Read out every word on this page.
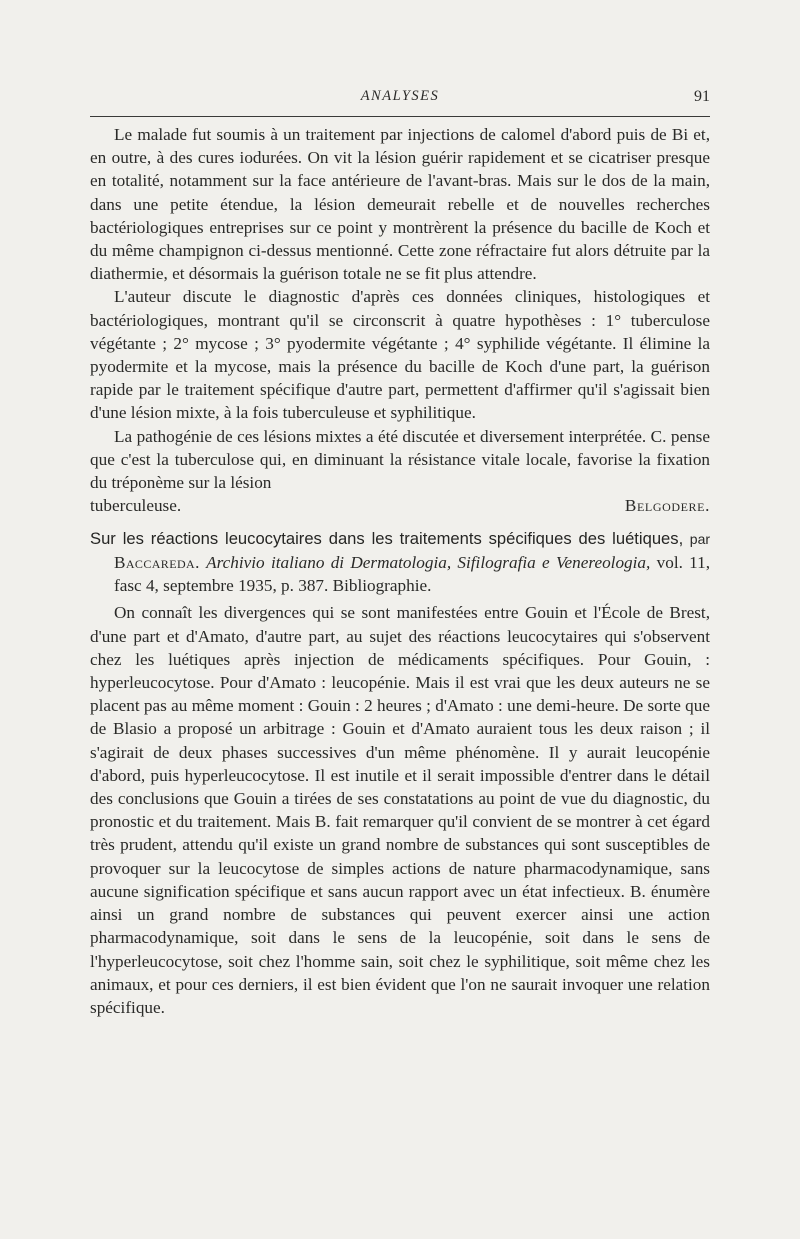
ANALYSES	91

Le malade fut soumis à un traitement par injections de calomel d'abord puis de Bi et, en outre, à des cures iodurées. On vit la lésion guérir rapidement et se cicatriser presque en totalité, notamment sur la face antérieure de l'avant-bras. Mais sur le dos de la main, dans une petite étendue, la lésion demeurait rebelle et de nouvelles recherches bactériologiques entreprises sur ce point y montrèrent la présence du bacille de Koch et du même champignon ci-dessus mentionné. Cette zone réfractaire fut alors détruite par la diathermie, et désormais la guérison totale ne se fit plus attendre.

L'auteur discute le diagnostic d'après ces données cliniques, histologiques et bactériologiques, montrant qu'il se circonscrit à quatre hypothèses : 1° tuberculose végétante ; 2° mycose ; 3° pyodermite végétante ; 4° syphilide végétante. Il élimine la pyodermite et la mycose, mais la présence du bacille de Koch d'une part, la guérison rapide par le traitement spécifique d'autre part, permettent d'affirmer qu'il s'agissait bien d'une lésion mixte, à la fois tuberculeuse et syphilitique.

La pathogénie de ces lésions mixtes a été discutée et diversement interprétée. C. pense que c'est la tuberculose qui, en diminuant la résistance vitale locale, favorise la fixation du tréponème sur la lésion

tuberculeuse.	Belgodere.

Sur les réactions leucocytaires dans les traitements spécifiques des luétiques, par Baccareda. Archivio italiano di Dermatologia, Sifilografia e Venereologia, vol. 11, fasc 4, septembre 1935, p. 387. Bibliographie.

On connaît les divergences qui se sont manifestées entre Gouin et l'École de Brest, d'une part et d'Amato, d'autre part, au sujet des réactions leucocytaires qui s'observent chez les luétiques après injection de médicaments spécifiques. Pour Gouin, : hyperleucocytose. Pour d'Amato : leucopénie. Mais il est vrai que les deux auteurs ne se placent pas au même moment : Gouin : 2 heures ; d'Amato : une demi-heure. De sorte que de Blasio a proposé un arbitrage : Gouin et d'Amato auraient tous les deux raison ; il s'agirait de deux phases successives d'un même phénomène. Il y aurait leucopénie d'abord, puis hyperleucocytose. Il est inutile et il serait impossible d'entrer dans le détail des conclusions que Gouin a tirées de ses constatations au point de vue du diagnostic, du pronostic et du traitement. Mais B. fait remarquer qu'il convient de se montrer à cet égard très prudent, attendu qu'il existe un grand nombre de substances qui sont susceptibles de provoquer sur la leucocytose de simples actions de nature pharmacodynamique, sans aucune signification spécifique et sans aucun rapport avec un état infectieux. B. énumère ainsi un grand nombre de substances qui peuvent exercer ainsi une action pharmacodynamique, soit dans le sens de la leucopénie, soit dans le sens de l'hyperleucocytose, soit chez l'homme sain, soit chez le syphilitique, soit même chez les animaux, et pour ces derniers, il est bien évident que l'on ne saurait invoquer une relation spécifique.
